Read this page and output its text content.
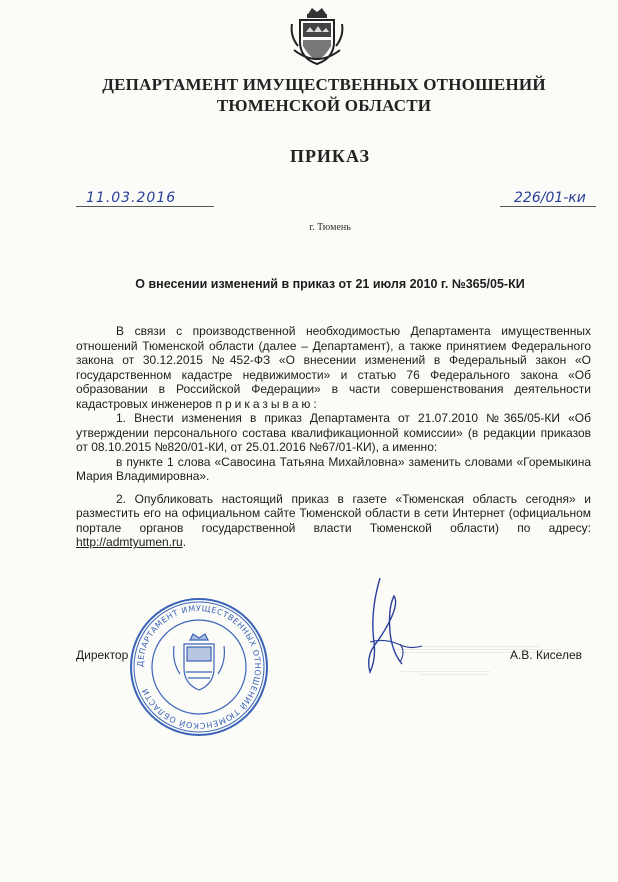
ДЕПАРТАМЕНТ ИМУЩЕСТВЕННЫХ ОТНОШЕНИЙ
ТЮМЕНСКОЙ ОБЛАСТИ
ПРИКАЗ
11.03.2016	226/01-ки
г. Тюмень
О внесении изменений в приказ от 21 июля 2010 г. №365/05-КИ

В связи с производственной необходимостью Департамента имущественных отношений Тюменской области (далее – Департамент), а также принятием Федерального закона от 30.12.2015 №452-ФЗ «О внесении изменений в Федеральный закон «О государственном кадастре недвижимости» и статью 76 Федерального закона «Об образовании в Российской Федерации» в части совершенствования деятельности кадастровых инженеров приказываю:

1. Внести изменения в приказ Департамента от 21.07.2010 №365/05-КИ «Об утверждении персонального состава квалификационной комиссии» (в редакции приказов от 08.10.2015 №820/01-КИ, от 25.01.2016 №67/01-КИ), а именно:

в пункте 1 слова «Савосина Татьяна Михайловна» заменить словами «Горемыкина Мария Владимировна».

2. Опубликовать настоящий приказ в газете «Тюменская область сегодня» и разместить его на официальном сайте Тюменской области в сети Интернет (официальном портале органов государственной власти Тюменской области) по адресу: http://admtyumen.ru.

Директор	А.В. Киселев
ДЕПАРТАМЕНТ ИМУЩЕСТВЕННЫХ ОТНОШЕНИЙ ТЮМЕНСКОЙ ОБЛАСТИ
